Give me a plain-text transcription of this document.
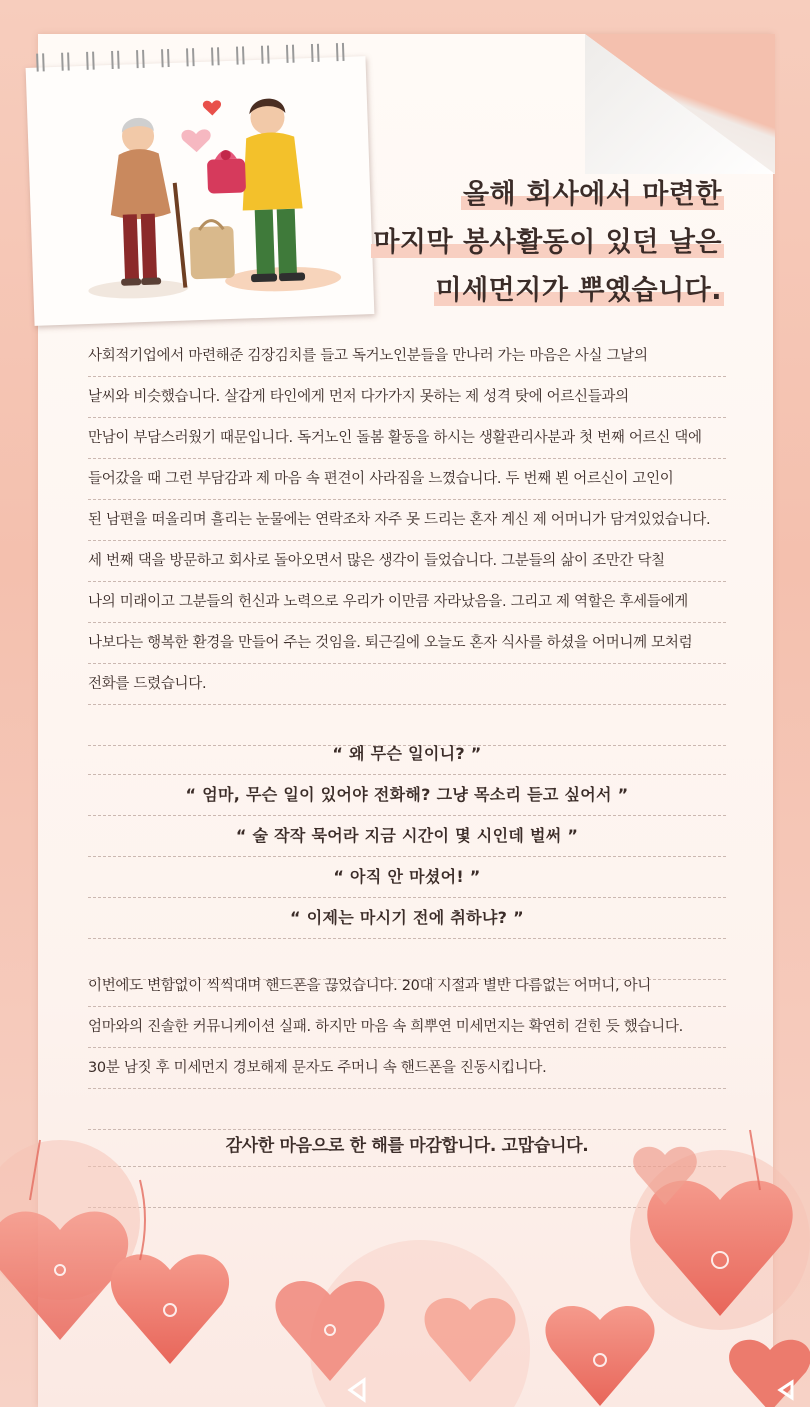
올해 회사에서 마련한
마지막 봉사활동이 있던 날은
미세먼지가 뿌옜습니다.
사회적기업에서 마련해준 김장김치를 들고 독거노인분들을 만나러 가는 마음은 사실 그날의
날씨와 비슷했습니다. 살갑게 타인에게 먼저 다가가지 못하는 제 성격 탓에 어르신들과의
만남이 부담스러웠기 때문입니다. 독거노인 돌봄 활동을 하시는 생활관리사분과 첫 번째 어르신 댁에
들어갔을 때 그런 부담감과 제 마음 속 편견이 사라짐을 느꼈습니다. 두 번째 뵌 어르신이 고인이
된 남편을 떠올리며 흘리는 눈물에는 연락조차 자주 못 드리는 혼자 계신 제 어머니가 담겨있었습니다.
세 번째 댁을 방문하고 회사로 돌아오면서 많은 생각이 들었습니다. 그분들의 삶이 조만간 닥칠
나의 미래이고 그분들의 헌신과 노력으로 우리가 이만큼 자라났음을. 그리고 제 역할은 후세들에게
나보다는 행복한 환경을 만들어 주는 것임을. 퇴근길에 오늘도 혼자 식사를 하셨을 어머니께 모처럼
전화를 드렸습니다.
“ 왜 무슨 일이니? ”
“ 엄마, 무슨 일이 있어야 전화해? 그냥 목소리 듣고 싶어서 ”
“ 술 작작 묵어라 지금 시간이 몇 시인데 벌써 ”
“ 아직 안 마셨어! ”
“ 이제는 마시기 전에 취하냐? ”
이번에도 변함없이 씩씩대며 핸드폰을 끊었습니다. 20대 시절과 별반 다름없는 어머니, 아니
엄마와의 진솔한 커뮤니케이션 실패. 하지만 마음 속 희뿌연 미세먼지는 확연히 걷힌 듯 했습니다.
30분 남짓 후 미세먼지 경보해제 문자도 주머니 속 핸드폰을 진동시킵니다.
감사한 마음으로 한 해를 마감합니다. 고맙습니다.
